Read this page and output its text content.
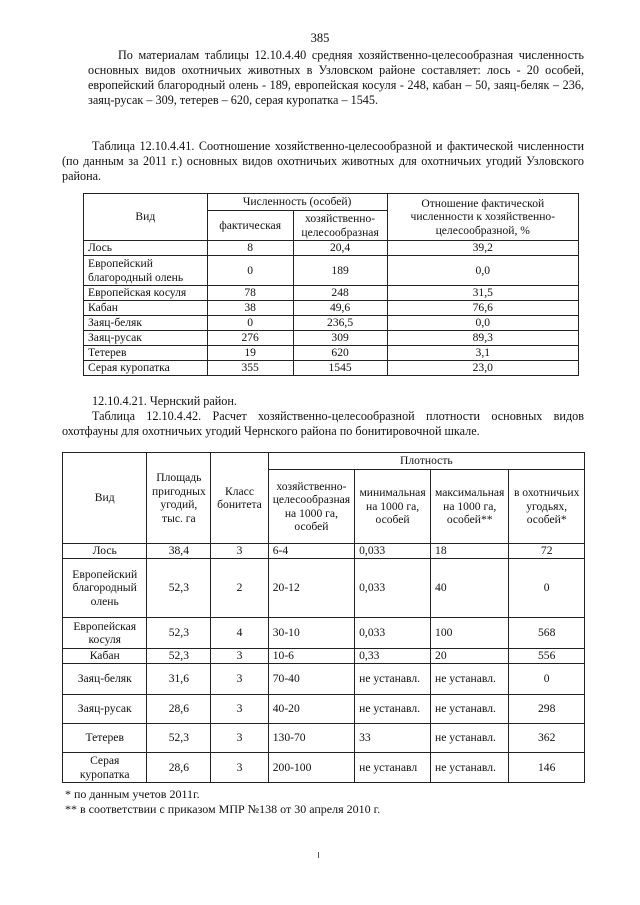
385
По материалам таблицы 12.10.4.40 средняя хозяйственно-целесообразная численность основных видов охотничьих животных в Узловском районе составляет: лось - 20 особей, европейский благородный олень - 189, европейская косуля - 248, кабан – 50, заяц-беляк – 236, заяц-русак – 309, тетерев – 620, серая куропатка – 1545.
Таблица 12.10.4.41. Соотношение хозяйственно-целесообразной и фактической численности (по данным за 2011 г.) основных видов охотничьих животных для охотничьих угодий Узловского района.
Вид	Численность (особей)		Отношение фактической численности к хозяйственно-целесообразной, %
	фактическая	хозяйственно-целесообразная	
Лось	8	20,4	39,2
Европейский благородный олень	0	189	0,0
Европейская косуля	78	248	31,5
Кабан	38	49,6	76,6
Заяц-беляк	0	236,5	0,0
Заяц-русак	276	309	89,3
Тетерев	19	620	3,1
Серая куропатка	355	1545	23,0
12.10.4.21. Чернский район.
Таблица 12.10.4.42. Расчет хозяйственно-целесообразной плотности основных видов охотфауны для охотничьих угодий Чернского района по бонитировочной шкале.
Вид	Площадь пригодных угодий, тыс. га	Класс бонитета	Плотность			
			хозяйственно-целесообразная на 1000 га, особей	минимальная на 1000 га, особей	максимальная на 1000 га, особей**	в охотничьих угодьях, особей*
Лось	38,4	3	6-4	0,033	18	72
Европейский благородный олень	52,3	2	20-12	0,033	40	0
Европейская косуля	52,3	4	30-10	0,033	100	568
Кабан	52,3	3	10-6	0,33	20	556
Заяц-беляк	31,6	3	70-40	не устанавл.	не устанавл.	0
Заяц-русак	28,6	3	40-20	не устанавл.	не устанавл.	298
Тетерев	52,3	3	130-70	33	не устанавл.	362
Серая куропатка	28,6	3	200-100	не устанавл	не устанавл.	146
* по данным учетов 2011г.
** в соответствии с приказом МПР №138 от 30 апреля 2010 г.
